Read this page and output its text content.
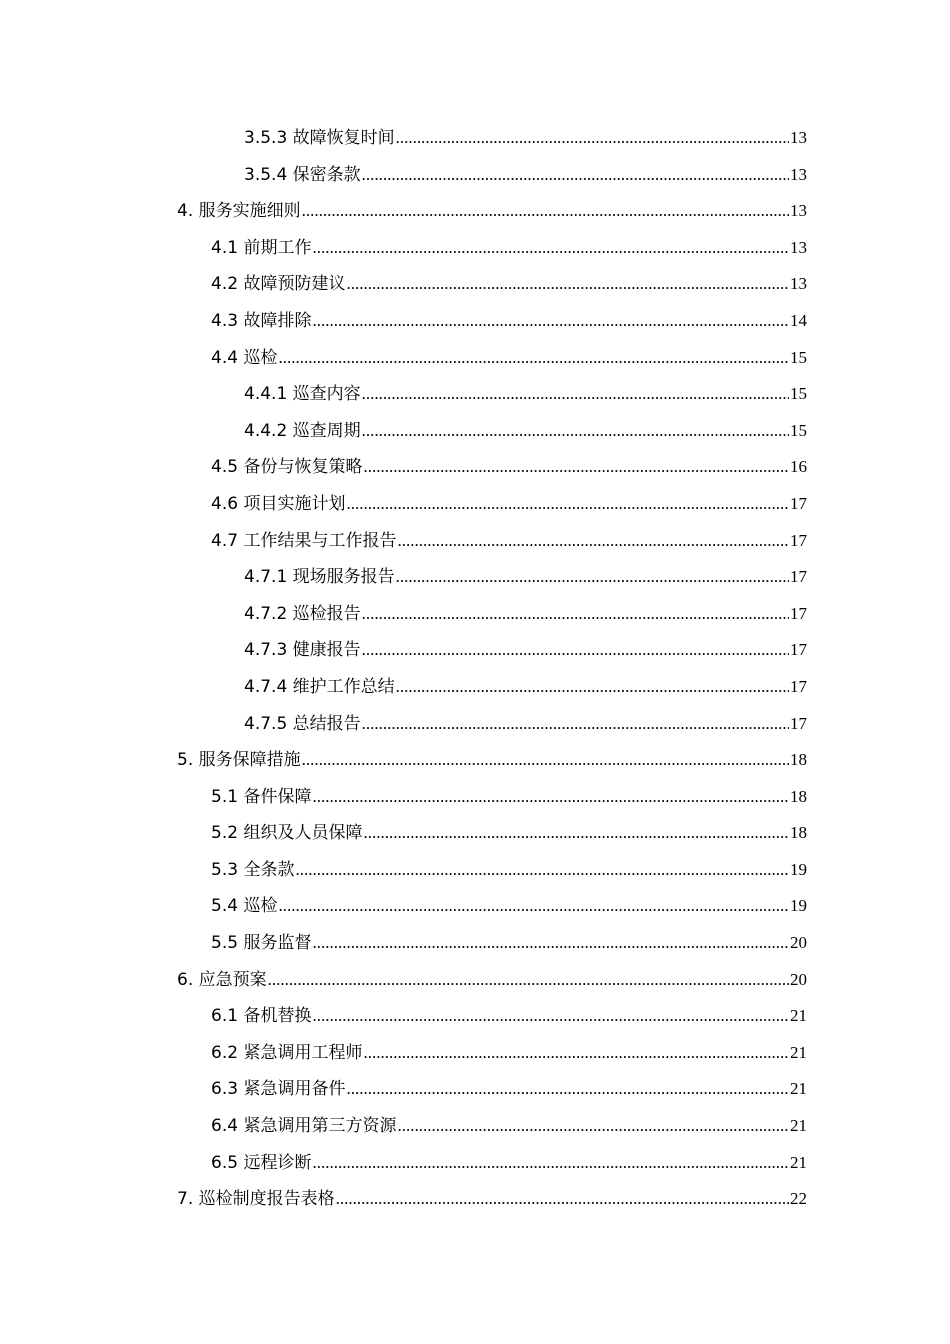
3.5.3 故障恢复时间 .....	13
3.5.4 保密条款 .....	13
4. 服务实施细则 .....	13
4.1 前期工作 .....	13
4.2 故障预防建议 .....	13
4.3 故障排除 .....	14
4.4 巡检 .....	15
4.4.1 巡查内容 .....	15
4.4.2 巡查周期 .....	15
4.5 备份与恢复策略 .....	16
4.6 项目实施计划 .....	17
4.7 工作结果与工作报告 .....	17
4.7.1 现场服务报告 .....	17
4.7.2 巡检报告 .....	17
4.7.3 健康报告 .....	17
4.7.4 维护工作总结 .....	17
4.7.5 总结报告 .....	17
5. 服务保障措施 .....	18
5.1 备件保障 .....	18
5.2 组织及人员保障 .....	18
5.3 全条款 .....	19
5.4 巡检 .....	19
5.5 服务监督 .....	20
6. 应急预案 .....	20
6.1 备机替换 .....	21
6.2 紧急调用工程师 .....	21
6.3 紧急调用备件 .....	21
6.4 紧急调用第三方资源 .....	21
6.5 远程诊断 .....	21
7. 巡检制度报告表格 .....	22
